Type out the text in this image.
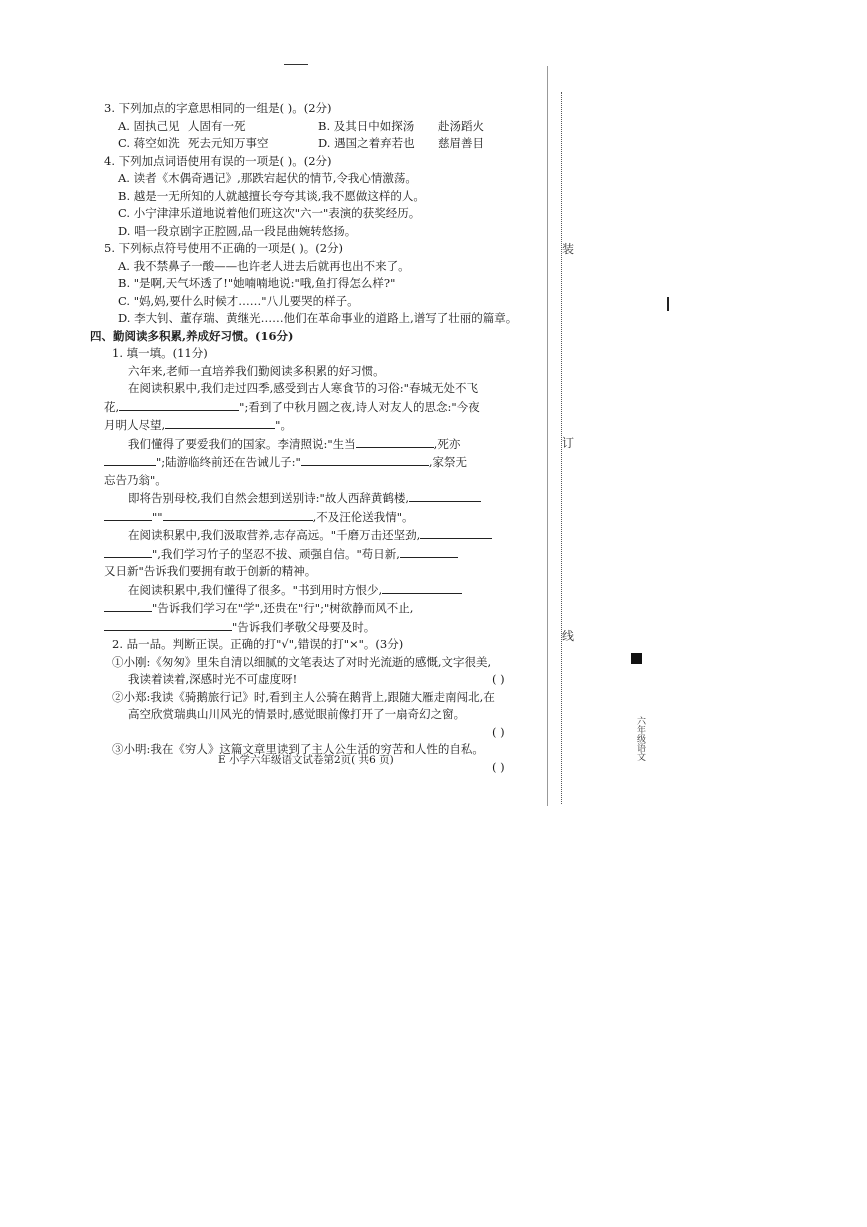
3. 下列加点的字意思相同的一组是( )。(2分)

A. 固执己见 人固有一死	B. 及其日中如探汤	赴汤蹈火
C. 蒋空如洗 死去元知万事空	D. 遇国之着弃若也	慈眉善目

4. 下列加点词语使用有误的一项是( )。(2分)

A. 读者《木偶奇遇记》,那跌宕起伏的情节,令我心情激荡。
B. 越是一无所知的人就越擅长夸夸其谈,我不愿做这样的人。
C. 小宁津津乐道地说着他们班这次"六一"表演的获奖经历。
D. 唱一段京剧字正腔圆,品一段昆曲婉转悠扬。

5. 下列标点符号使用不正确的一项是( )。(2分)

A. 我不禁鼻子一酸——也许老人进去后就再也出不来了。
B. "是啊,天气坏透了!"她喃喃地说:"哦,鱼打得怎么样?"
C. "妈,妈,要什么时候才……"八儿要哭的样子。
D. 李大钊、董存瑞、黄继光……他们在革命事业的道路上,谱写了壮丽的篇章。
四、勤阅读多积累,养成好习惯。(16分)
1. 填一填。(11分)
六年来,老师一直培养我们勤阅读多积累的好习惯。
在阅读积累中,我们走过四季,感受到古人寒食节的习俗:"春城无处不飞
花,	";看到了中秋月圆之夜,诗人对友人的思念:"今夜
月明人尽望,	"。
我们懂得了要爱我们的国家。李清照说:"生当	,死亦
";陆游临终前还在告诫儿子:"	,家祭无
忘告乃翁"。
即将告别母校,我们自然会想到送别诗:"故人西辞黄鹤楼,
""	,不及汪伦送我情"。
在阅读积累中,我们汲取营养,志存高远。"千磨万击还坚劲,
",我们学习竹子的坚忍不拔、顽强自信。"苟日新,
又日新"告诉我们要拥有敢于创新的精神。
在阅读积累中,我们懂得了很多。"书到用时方恨少,
"告诉我们学习在"学",还贵在"行";"树欲静而风不止,
"告诉我们孝敬父母要及时。
2. 品一品。判断正误。正确的打"√",错误的打"×"。(3分)
①小刚:《匆匆》里朱自清以细腻的文笔表达了对时光流逝的感慨,文字很美,
我读着读着,深感时光不可虚度呀!	( )
②小郑:我读《骑鹅旅行记》时,看到主人公骑在鹅背上,跟随大雁走南闯北,在
高空欣赏瑞典山川风光的情景时,感觉眼前像打开了一扇奇幻之窗。
( )

③小明:我在《穷人》这篇文章里读到了主人公生活的穷苦和人性的自私。
( )

E 小学六年级语文试卷第2页( 共6 页)
装
订
线
六年级语文
